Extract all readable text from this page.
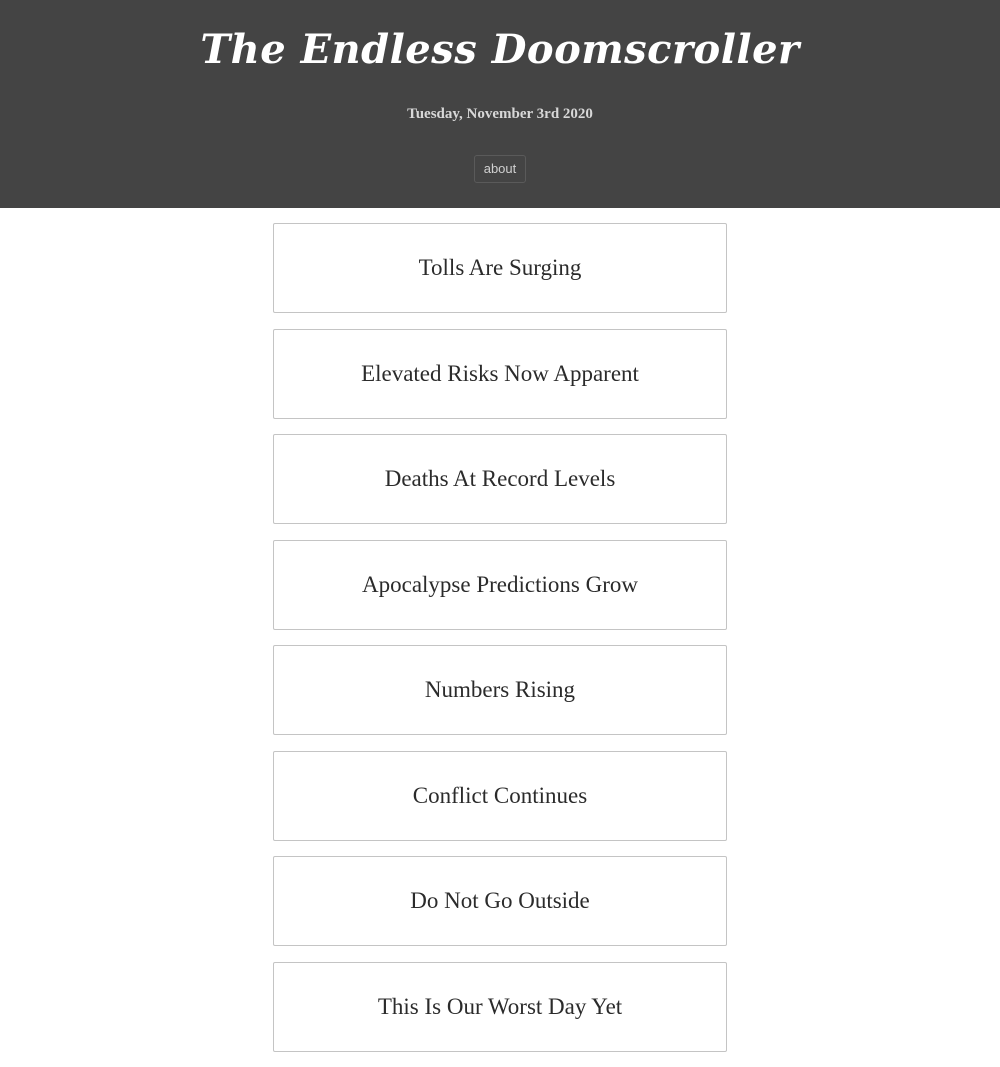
The Endless Doomscroller
Tuesday, November 3rd 2020
about
Tolls Are Surging
Elevated Risks Now Apparent
Deaths At Record Levels
Apocalypse Predictions Grow
Numbers Rising
Conflict Continues
Do Not Go Outside
This Is Our Worst Day Yet
